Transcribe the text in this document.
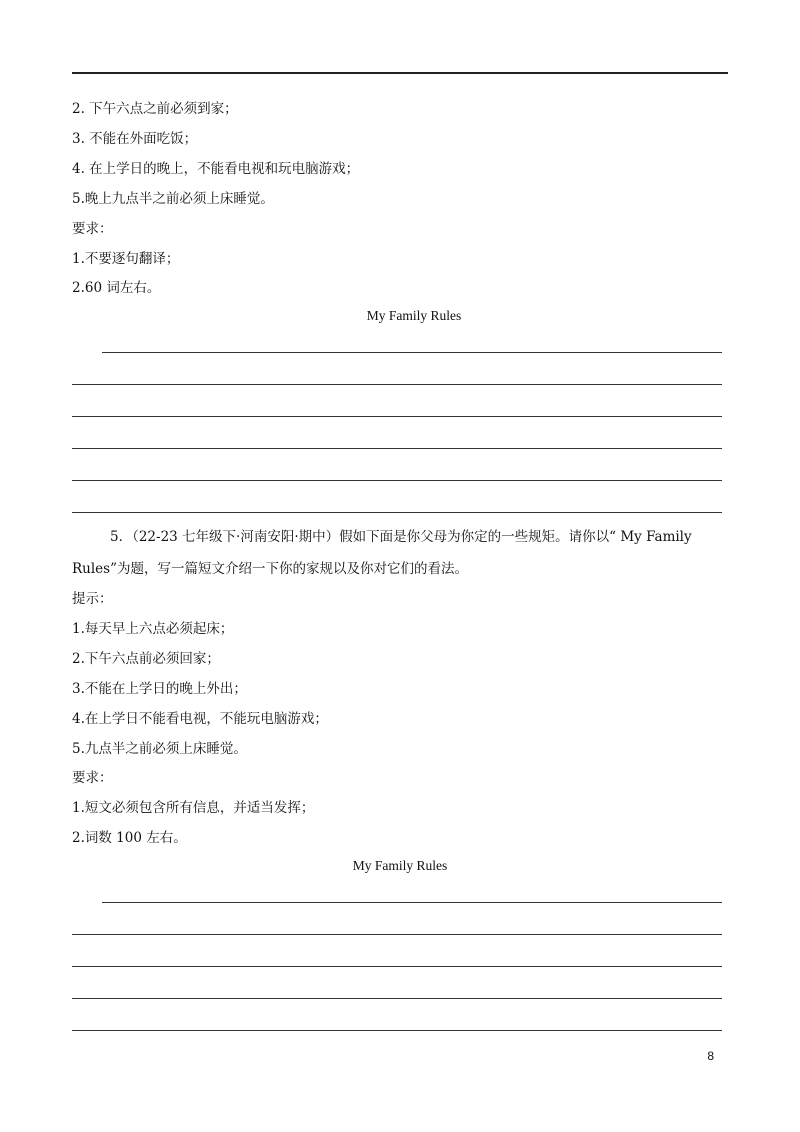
2. 下午六点之前必须到家；
3. 不能在外面吃饭；
4. 在上学日的晚上，不能看电视和玩电脑游戏；
5.晚上九点半之前必须上床睡觉。
要求：
1.不要逐句翻译；
2.60 词左右。
My Family Rules
5．（22-23 七年级下·河南安阳·期中）假如下面是你父母为你定的一些规矩。请你以“ My Family
Rules”为题，写一篇短文介绍一下你的家规以及你对它们的看法。
提示：
1.每天早上六点必须起床；
2.下午六点前必须回家；
3.不能在上学日的晚上外出；
4.在上学日不能看电视，不能玩电脑游戏；
5.九点半之前必须上床睡觉。
要求：
1.短文必须包含所有信息，并适当发挥；
2.词数 100 左右。
My Family Rules
8
